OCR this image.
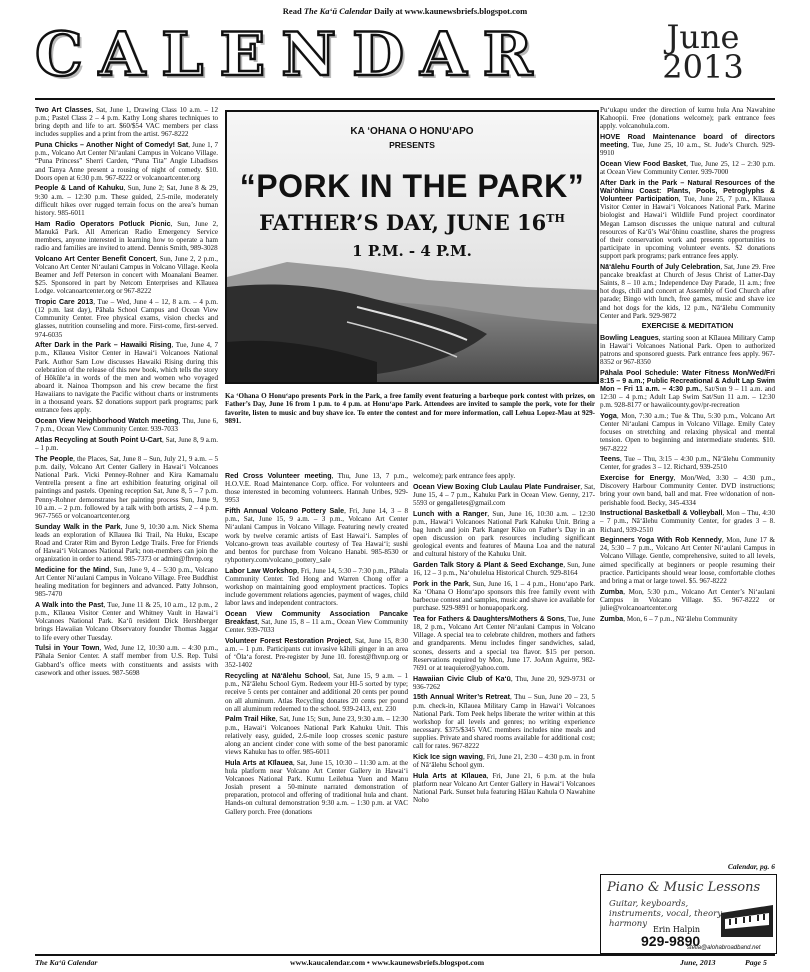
Read The Ka‘ū Calendar Daily at www.kaunewsbriefs.blogspot.com
CALENDAR	June
2013

Two Art Classes, Sat, June 1, Drawing Class 10 a.m. – 12 p.m.; Pastel Class 2 – 4 p.m. Kathy Long shares techniques to bring depth and life to art. $60/$54 VAC members per class includes supplies and a print from the artist. 967-8222

Puna Chicks – Another Night of Comedy! Sat, June 1, 7 p.m., Volcano Art Center Ni‘aulani Campus in Volcano Village. “Puna Princess” Sherri Carden, “Puna Tita” Angie Libadisos and Tanya Anne present a rousing of night of comedy. $10. Doors open at 6:30 p.m. 967-8222 or volcanoartcenter.org

People & Land of Kahuku, Sun, June 2; Sat, June 8 & 29, 9:30 a.m. – 12:30 p.m. These guided, 2.5-mile, moderately difficult hikes over rugged terrain focus on the area’s human history. 985-6011

Ham Radio Operators Potluck Picnic, Sun, June 2, Manukā Park. All American Radio Emergency Service members, anyone interested in learning how to operate a ham radio and families are invited to attend. Dennis Smith, 989-3028

Volcano Art Center Benefit Concert, Sun, June 2, 2 p.m., Volcano Art Center Ni‘aulani Campus in Volcano Village. Keola Beamer and Jeff Peterson in concert with Moanalani Beamer. $25. Sponsored in part by Netcom Enterprises and Kīlauea Lodge. volcanoartcenter.org or 967-8222

Tropic Care 2013, Tue – Wed, June 4 – 12, 8 a.m. – 4 p.m. (12 p.m. last day), Pāhala School Campus and Ocean View Community Center. Free physical exams, vision checks and glasses, nutrition counseling and more. First-come, first-served. 974-6035

After Dark in the Park – Hawaiki Rising, Tue, June 4, 7 p.m., Kīlauea Visitor Center in Hawai‘i Volcanoes National Park. Author Sam Low discusses Hawaiki Rising during this celebration of the release of this new book, which tells the story of Hōkūle‘a in words of the men and women who voyaged aboard it. Nainoa Thompson and his crew became the first Hawaiians to navigate the Pacific without charts or instruments in a thousand years. $2 donations support park programs; park entrance fees apply.

Ocean View Neighborhood Watch meeting, Thu, June 6, 7 p.m., Ocean View Community Center. 939-7033

Atlas Recycling at South Point U-Cart, Sat, June 8, 9 a.m. – 1 p.m.

The People, the Places, Sat, June 8 – Sun, July 21, 9 a.m. – 5 p.m. daily, Volcano Art Center Gallery in Hawai‘i Volcanoes National Park. Vicki Penney-Rohner and Kira Kamamalu Ventrella present a fine art exhibition featuring original oil paintings and pastels. Opening reception Sat, June 8, 5 – 7 p.m. Penny-Rohner demonstrates her painting process Sun, June 9, 10 a.m. – 2 p.m. followed by a talk with both artists, 2 – 4 p.m. 967-7565 or volcanoartcenter.org

Sunday Walk in the Park, June 9, 10:30 a.m. Nick Shema leads an exploration of Kīlauea Iki Trail, Na Huku, Escape Road and Crater Rim and Byron Ledge Trails. Free for Friends of Hawai‘i Volcanoes National Park; non-members can join the organization in order to attend. 985-7373 or admin@fhvnp.org

Medicine for the Mind, Sun, June 9, 4 – 5:30 p.m., Volcano Art Center Ni‘aulani Campus in Volcano Village. Free Buddhist healing meditation for beginners and advanced. Patty Johnson, 985-7470

A Walk into the Past, Tue, June 11 & 25, 10 a.m., 12 p.m., 2 p.m., Kīlauea Visitor Center and Whitney Vault in Hawai‘i Volcanoes National Park. Ka‘ū resident Dick Hershberger brings Hawaiian Volcano Observatory founder Thomas Jaggar to life every other Tuesday.

Tulsi in Your Town, Wed, June 12, 10:30 a.m. – 4:30 p.m., Pāhala Senior Center. A staff member from U.S. Rep. Tulsi Gabbard’s office meets with constituents and assists with casework and other issues. 987-5698

Red Cross Volunteer meeting, Thu, June 13, 7 p.m., H.O.V.E. Road Maintenance Corp. office. For volunteers and those interested in becoming volunteers. Hannah Uribes, 929-9953

Fifth Annual Volcano Pottery Sale, Fri, June 14, 3 – 8 p.m., Sat, June 15, 9 a.m. – 3 p.m., Volcano Art Center Ni‘aulani Campus in Volcano Village. Featuring newly created work by twelve ceramic artists of East Hawai‘i. Samples of Volcano-grown teas available courtesy of Tea Hawai‘i; sushi and bentos for purchase from Volcano Hanabi. 985-8530 or ryhpottery.com/volcano_pottery_sale

Labor Law Workshop, Fri, June 14, 5:30 – 7:30 p.m., Pāhala Community Center. Ted Hong and Warren Chong offer a workshop on maintaining good employment practices. Topics include government relations agencies, payment of wages, child labor laws and independent contractors.

Ocean View Community Association Pancake Breakfast, Sat, June 15, 8 – 11 a.m., Ocean View Community Center. 939-7033

Volunteer Forest Restoration Project, Sat, June 15, 8:30 a.m. – 1 p.m. Participants cut invasive kāhili ginger in an area of ‘Ōla‘a forest. Pre-register by June 10. forest@fhvnp.org or 352-1402

Recycling at Nā‘ālehu School, Sat, June 15, 9 a.m. – 1 p.m., Nā‘ālehu School Gym. Redeem your HI-5 sorted by type; receive 5 cents per container and additional 20 cents per pound on all aluminum. Atlas Recycling donates 20 cents per pound on all aluminum redeemed to the school. 939-2413, ext. 230

Palm Trail Hike, Sat, June 15; Sun, June 23, 9:30 a.m. – 12:30 p.m., Hawai‘i Volcanoes National Park Kahuku Unit. This relatively easy, guided, 2.6-mile loop crosses scenic pasture along an ancient cinder cone with some of the best panoramic views Kahuku has to offer. 985-6011

Hula Arts at Kīlauea, Sat, June 15, 10:30 – 11:30 a.m. at the hula platform near Volcano Art Center Gallery in Hawai‘i Volcanoes National Park. Kumu Leilehua Yuen and Manu Josiah present a 50-minute narrated demonstration of preparation, protocol and offering of traditional hula and chant. Hands-on cultural demonstration 9:30 a.m. – 1:30 p.m. at VAC Gallery porch. Free (donations

welcome); park entrance fees apply.

Ocean View Boxing Club Laulau Plate Fundraiser, Sat, June 15, 4 – 7 p.m., Kahuku Park in Ocean View. Genny, 217-5593 or gengalletes@gmail.com

Lunch with a Ranger, Sun, June 16, 10:30 a.m. – 12:30 p.m., Hawai‘i Volcanoes National Park Kahuku Unit. Bring a bag lunch and join Park Ranger Kiko on Father’s Day in an open discussion on park resources including significant geological events and features of Mauna Loa and the natural and cultural history of the Kahuku Unit.

Garden Talk Story & Plant & Seed Exchange, Sun, June 16, 12 – 3 p.m., Na‘ohulelua Historical Church. 929-8164

Pork in the Park, Sun, June 16, 1 – 4 p.m., Honu‘apo Park. Ka ‘Ohana O Honu‘apo sponsors this free family event with barbecue contest and samples, music and shave ice available for purchase. 929-9891 or honuapopark.org.

Tea for Fathers & Daughters/Mothers & Sons, Tue, June 18, 2 p.m., Volcano Art Center Ni‘aulani Campus in Volcano Village. A special tea to celebrate children, mothers and fathers and grandparents. Menu includes finger sandwiches, salad, scones, desserts and a special tea flavor. $15 per person. Reservations required by Mon, June 17. JoAnn Aguirre, 982-7691 or at teaquiero@yahoo.com.

Hawaiian Civic Club of Ka‘ū, Thu, June 20, 929-9731 or 936-7262

15th Annual Writer’s Retreat, Thu – Sun, June 20 – 23, 5 p.m. check-in, Kīlauea Military Camp in Hawai‘i Volcanoes National Park. Tom Peek helps liberate the writer within at this workshop for all levels and genres; no writing experience necessary. $375/$345 VAC members includes nine meals and supplies. Private and shared rooms available for additional cost; call for rates. 967-8222

Kick Ice sign waving, Fri, June 21, 2:30 – 4:30 p.m. in front of Nā‘ālehu School gym.

Hula Arts at Kīlauea, Fri, June 21, 6 p.m. at the hula platform near Volcano Art Center Gallery in Hawai‘i Volcanoes National Park. Sunset hula featuring Hālau Kahula O Nawahine Noho

Pu‘ukapu under the direction of kumu hula Ana Nawahine Kahoopii. Free (donations welcome); park entrance fees apply. volcanohula.com.

HOVE Road Maintenance board of directors meeting, Tue, June 25, 10 a.m., St. Jude’s Church. 929-9910

Ocean View Food Basket, Tue, June 25, 12 – 2:30 p.m. at Ocean View Community Center. 939-7000

After Dark in the Park – Natural Resources of the Wai‘ōhinu Coast: Plants, Pools, Petroglyphs & Volunteer Participation, Tue, June 25, 7 p.m., Kīlauea Visitor Center in Hawai‘i Volcanoes National Park. Marine biologist and Hawai‘i Wildlife Fund project coordinator Megan Lamson discusses the unique natural and cultural resources of Ka‘ū’s Wai‘ōhinu coastline, shares the progress of their conservation work and presents opportunities to participate in upcoming volunteer events. $2 donations support park programs; park entrance fees apply.

Nā‘ālehu Fourth of July Celebration, Sat, June 29. Free pancake breakfast at Church of Jesus Christ of Latter-Day Saints, 8 – 10 a.m.; Independence Day Parade, 11 a.m.; free hot dogs, chili and concert at Assembly of God Church after parade; Bingo with lunch, free games, music and shave ice and hot dogs for the kids, 12 p.m., Nā‘ālehu Community Center and Park. 929-9872

EXERCISE & MEDITATION

Bowling Leagues, starting soon at Kīlauea Military Camp in Hawai‘i Volcanoes National Park. Open to authorized patrons and sponsored guests. Park entrance fees apply. 967-8352 or 967-8350

Pāhala Pool Schedule: Water Fitness Mon/Wed/Fri 8:15 – 9 a.m.; Public Recreational & Adult Lap Swim Mon – Fri 11 a.m. – 4:30 p.m., Sat/Sun 9 – 11 a.m. and 12:30 – 4 p.m.; Adult Lap Swim Sat/Sun 11 a.m. – 12:30 p.m. 928-8177 or hawaiicounty.gov/pr-recreation

Yoga, Mon, 7:30 a.m.; Tue & Thu, 5:30 p.m., Volcano Art Center Ni‘aulani Campus in Volcano Village. Emily Catey focuses on stretching and relaxing physical and mental tension. Open to beginning and intermediate students. $10. 967-8222

Teens, Tue – Thu, 3:15 – 4:30 p.m., Nā‘ālehu Community Center, for grades 3 – 12. Richard, 939-2510

Exercise for Energy, Mon/Wed, 3:30 – 4:30 p.m., Discovery Harbour Community Center. DVD instructions; bring your own band, ball and mat. Free w/donation of non-perishable food. Becky, 345-4334

Instructional Basketball & Volleyball, Mon – Thu, 4:30 – 7 p.m., Nā‘ālehu Community Center, for grades 3 – 8. Richard, 939-2510

Beginners Yoga With Rob Kennedy, Mon, June 17 & 24, 5:30 – 7 p.m., Volcano Art Center Ni‘aulani Campus in Volcano Village. Gentle, comprehensive, suited to all levels, aimed specifically at beginners or people resuming their practice. Participants should wear loose, comfortable clothes and bring a mat or large towel. $5. 967-8222

Zumba, Mon, 5:30 p.m., Volcano Art Center’s Ni‘aulani Campus in Volcano Village. $5. 967-8222 or julie@volcanoartcenter.org

Zumba, Mon, 6 – 7 p.m., Nā‘ālehu Community

KA ‘OHANA O HONU‘APO
PRESENTS
“PORK IN THE PARK”
FATHER’S DAY, JUNE 16TH
1 P.M. - 4 P.M.
Ka ‘Ohana O Honu‘apo presents Pork in the Park, a free family event featuring a barbeque pork contest with prizes, on Father’s Day, June 16 from 1 p.m. to 4 p.m. at Honu‘apo Park. Attendees are invited to sample the pork, vote for their favorite, listen to music and buy shave ice. To enter the contest and for more information, call Lehua Lopez-Mau at 929-9891.
Calendar, pg. 6
Piano & Music Lessons
Guitar, keyboards, instruments, vocal, theory, harmony
Erin Halpin
929-9890
stella@alohabroadband.net
The Ka‘ū Calendar	www.kaucalendar.com • www.kaunewsbriefs.blogspot.com	June, 2013	Page 5
